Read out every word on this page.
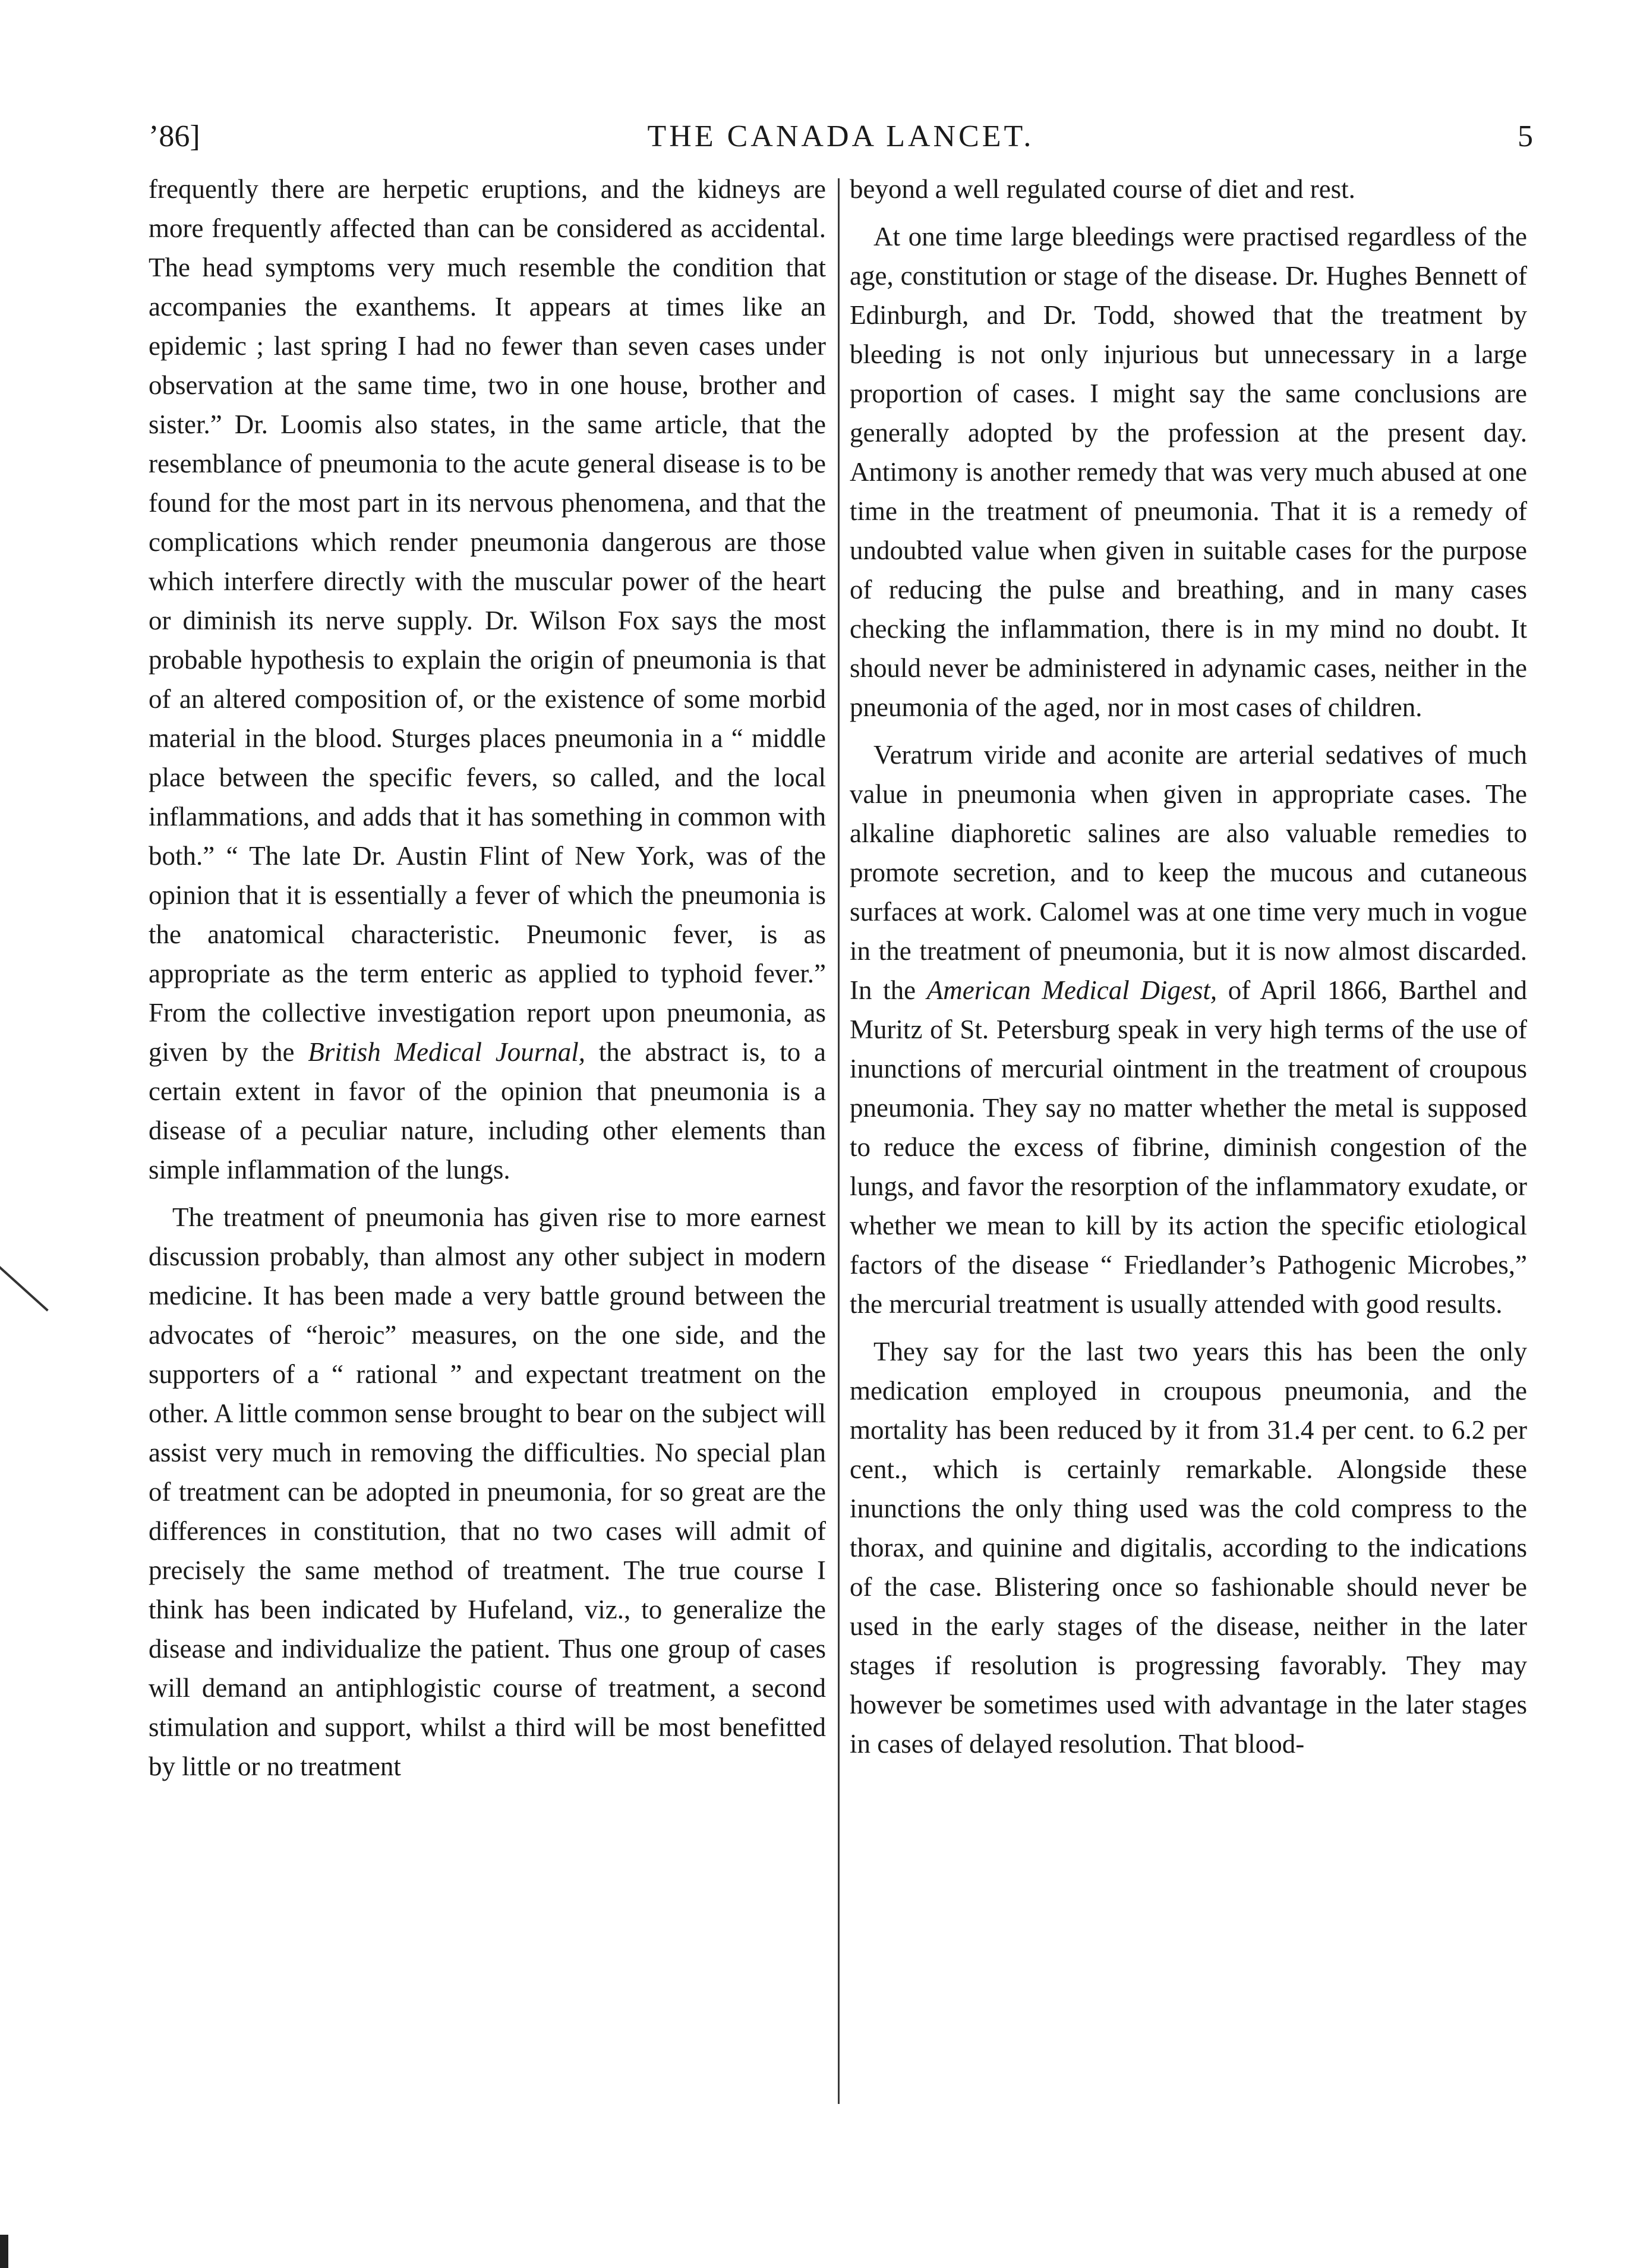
’86]	THE CANADA LANCET.	5

frequently there are herpetic eruptions, and the kidneys are more frequently affected than can be considered as accidental. The head symptoms very much resemble the condition that accompanies the exanthems. It appears at times like an epidemic ; last spring I had no fewer than seven cases under observation at the same time, two in one house, brother and sister.” Dr. Loomis also states, in the same article, that the resemblance of pneumonia to the acute general disease is to be found for the most part in its nervous phenomena, and that the complications which render pneumonia dangerous are those which interfere directly with the muscular power of the heart or diminish its nerve supply. Dr. Wilson Fox says the most probable hypothesis to explain the origin of pneumonia is that of an altered composition of, or the existence of some morbid material in the blood. Sturges places pneumonia in a “ middle place between the specific fevers, so called, and the local inflammations, and adds that it has something in common with both.” “ The late Dr. Austin Flint of New York, was of the opinion that it is essentially a fever of which the pneumonia is the anatomical characteristic. Pneumonic fever, is as appropriate as the term enteric as applied to typhoid fever.” From the collective investigation report upon pneumonia, as given by the British Medical Journal, the abstract is, to a certain extent in favor of the opinion that pneumonia is a disease of a peculiar nature, including other elements than simple inflammation of the lungs.

The treatment of pneumonia has given rise to more earnest discussion probably, than almost any other subject in modern medicine. It has been made a very battle ground between the advocates of “heroic” measures, on the one side, and the supporters of a “ rational ” and expectant treatment on the other. A little common sense brought to bear on the subject will assist very much in removing the difficulties. No special plan of treatment can be adopted in pneumonia, for so great are the differences in constitution, that no two cases will admit of precisely the same method of treatment. The true course I think has been indicated by Hufeland, viz., to generalize the disease and individualize the patient. Thus one group of cases will demand an antiphlogistic course of treatment, a second stimulation and support, whilst a third will be most benefitted by little or no treatment

beyond a well regulated course of diet and rest.

At one time large bleedings were practised regardless of the age, constitution or stage of the disease. Dr. Hughes Bennett of Edinburgh, and Dr. Todd, showed that the treatment by bleeding is not only injurious but unnecessary in a large proportion of cases. I might say the same conclusions are generally adopted by the profession at the present day. Antimony is another remedy that was very much abused at one time in the treatment of pneumonia. That it is a remedy of undoubted value when given in suitable cases for the purpose of reducing the pulse and breathing, and in many cases checking the inflammation, there is in my mind no doubt. It should never be administered in adynamic cases, neither in the pneumonia of the aged, nor in most cases of children.

Veratrum viride and aconite are arterial sedatives of much value in pneumonia when given in appropriate cases. The alkaline diaphoretic salines are also valuable remedies to promote secretion, and to keep the mucous and cutaneous surfaces at work. Calomel was at one time very much in vogue in the treatment of pneumonia, but it is now almost discarded. In the American Medical Digest, of April 1866, Barthel and Muritz of St. Petersburg speak in very high terms of the use of inunctions of mercurial ointment in the treatment of croupous pneumonia. They say no matter whether the metal is supposed to reduce the excess of fibrine, diminish congestion of the lungs, and favor the resorption of the inflammatory exudate, or whether we mean to kill by its action the specific etiological factors of the disease “ Friedlander’s Pathogenic Microbes,” the mercurial treatment is usually attended with good results.

They say for the last two years this has been the only medication employed in croupous pneumonia, and the mortality has been reduced by it from 31.4 per cent. to 6.2 per cent., which is certainly remarkable. Alongside these inunctions the only thing used was the cold compress to the thorax, and quinine and digitalis, according to the indications of the case. Blistering once so fashionable should never be used in the early stages of the disease, neither in the later stages if resolution is progressing favorably. They may however be sometimes used with advantage in the later stages in cases of delayed resolution. That blood-
